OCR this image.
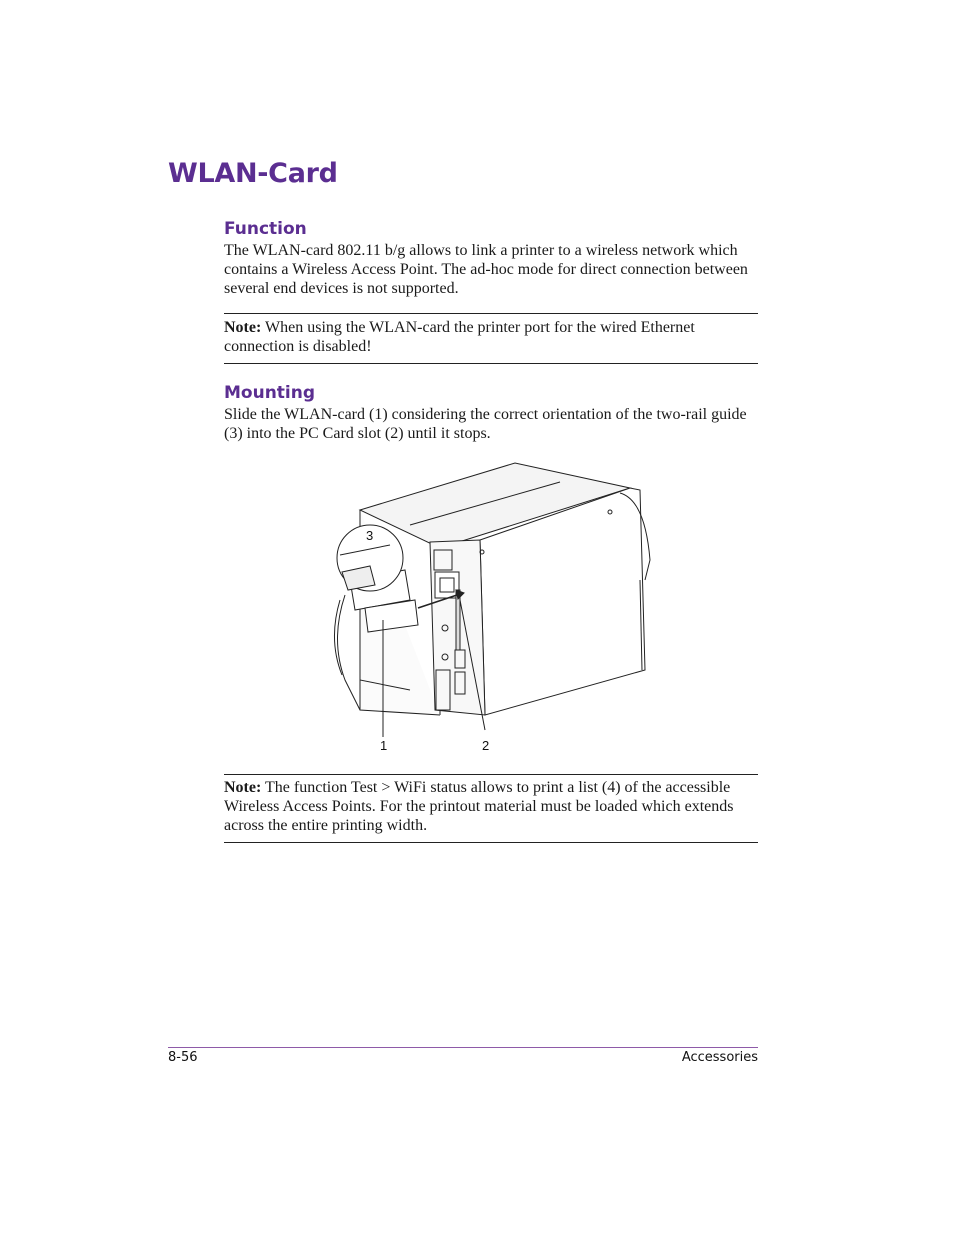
WLAN-Card
Function

The WLAN-card 802.11 b/g allows to link a printer to a wireless network which contains a Wireless Access Point. The ad-hoc mode for direct connection between several end devices is not supported.

Note: When using the WLAN-card the printer port for the wired Ethernet connection is disabled!

Mounting

Slide the WLAN-card (1) considering the correct orientation of the two-rail guide (3) into the PC Card slot (2) until it stops.

3
1	2

Note: The function Test > WiFi status allows to print a list (4) of the accessible Wireless Access Points. For the printout material must be loaded which extends across the entire printing width.

8-56	Accessories
